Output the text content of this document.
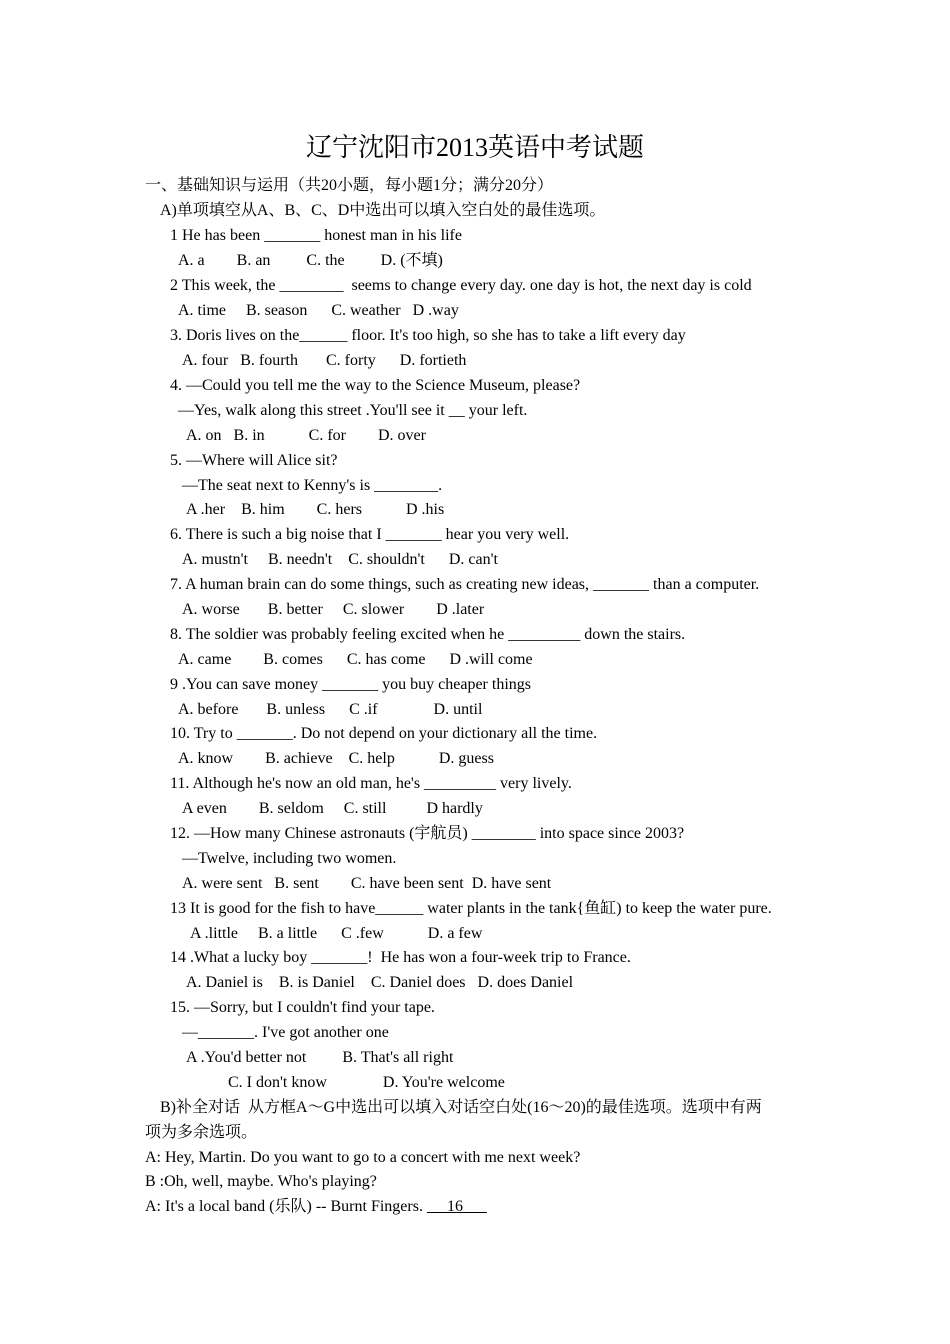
辽宁沈阳市2013英语中考试题
一、基础知识与运用（共20小题，每小题1分；满分20分）
A)单项填空从A、B、C、D中选出可以填入空白处的最佳选项。
1 He has been _______ honest man in his life
A. a        B. an         C. the         D. (不填)
2 This week, the ________  seems to change every day. one day is hot, the next day is cold
A. time     B. season      C. weather   D .way
3. Doris lives on the______ floor. It's too high, so she has to take a lift every day
A. four   B. fourth       C. forty      D. fortieth
4. —Could you tell me the way to the Science Museum, please?
—Yes, walk along this street .You'll see it __ your left.
A. on   B. in           C. for        D. over
5. —Where will Alice sit?
—The seat next to Kenny's is ________.
A .her    B. him        C. hers           D .his
6. There is such a big noise that I _______ hear you very well.
A. mustn't     B. needn't    C. shouldn't      D. can't
7. A human brain can do some things, such as creating new ideas, _______ than a computer.
A. worse       B. better     C. slower        D .later
8. The soldier was probably feeling excited when he _________ down the stairs.
A. came        B. comes      C. has come      D .will come
9 .You can save money _______ you buy cheaper things
A. before       B. unless      C .if              D. until
10. Try to _______. Do not depend on your dictionary all the time.
A. know        B. achieve    C. help           D. guess
11. Although he's now an old man, he's _________ very lively.
A even        B. seldom     C. still          D hardly
12. —How many Chinese astronauts (宇航员) ________ into space since 2003?
—Twelve, including two women.
A. were sent   B. sent        C. have been sent  D. have sent
13 It is good for the fish to have______ water plants in the tank{鱼缸) to keep the water pure.
A .little     B. a little      C .few           D. a few
14 .What a lucky boy _______!  He has won a four-week trip to France.
A. Daniel is    B. is Daniel    C. Daniel does   D. does Daniel
15. —Sorry, but I couldn't find your tape.
—_______. I've got another one
A .You'd better not         B. That's all right
C. I don't know              D. You're welcome
B)补全对话  从方框A～G中选出可以填入对话空白处(16～20)的最佳选项。选项中有两
项为多余选项。
A: Hey, Martin. Do you want to go to a concert with me next week?
B :Oh, well, maybe. Who's playing?
A: It's a local band (乐队) -- Burnt Fingers.      16
